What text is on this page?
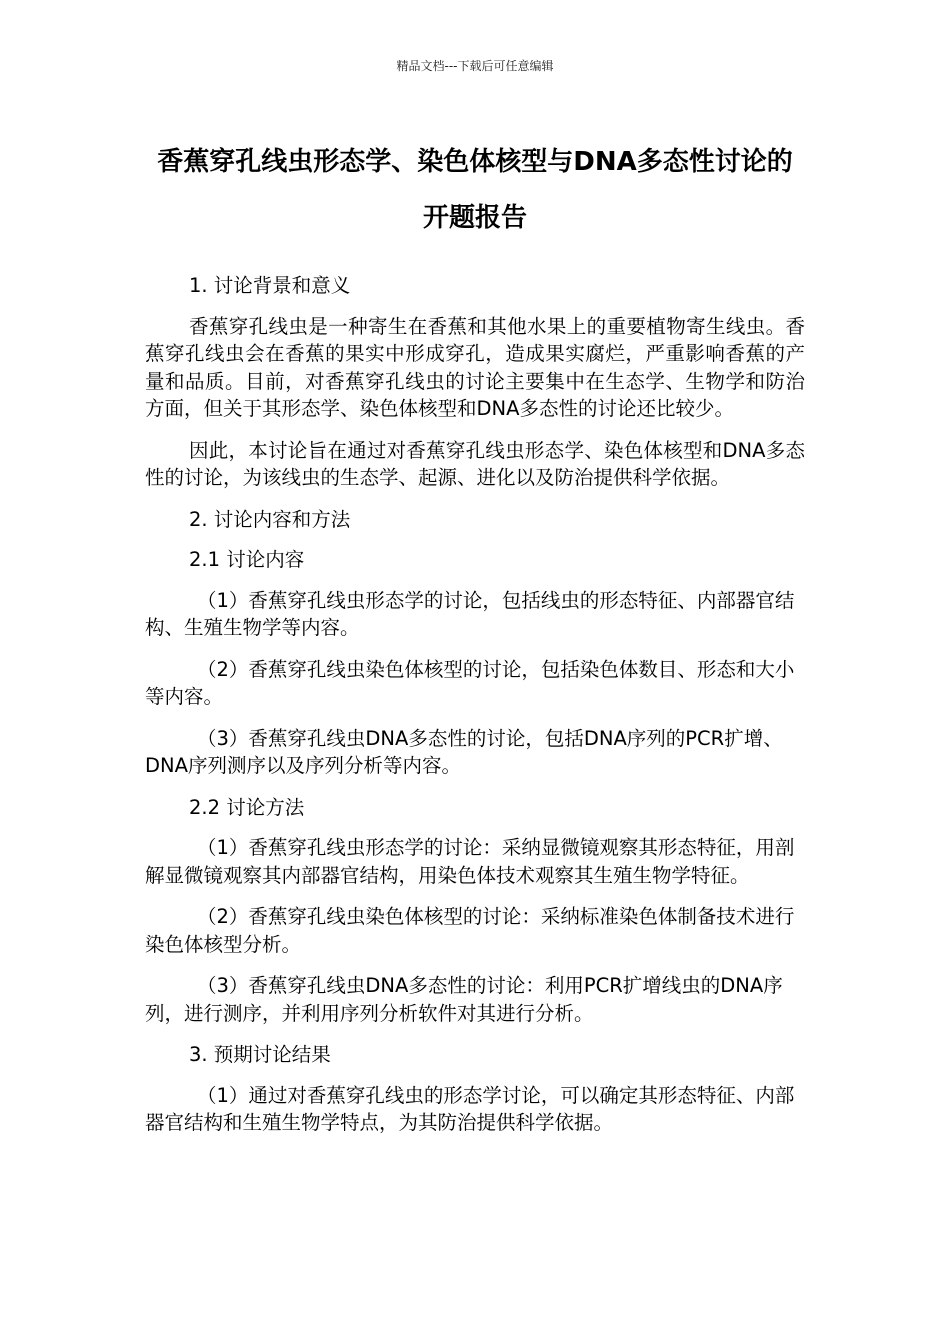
精品文档---下载后可任意编辑
香蕉穿孔线虫形态学、染色体核型与DNA多态性讨论的开题报告

1. 讨论背景和意义

香蕉穿孔线虫是一种寄生在香蕉和其他水果上的重要植物寄生线虫。香蕉穿孔线虫会在香蕉的果实中形成穿孔，造成果实腐烂，严重影响香蕉的产量和品质。目前，对香蕉穿孔线虫的讨论主要集中在生态学、生物学和防治方面，但关于其形态学、染色体核型和DNA多态性的讨论还比较少。

因此，本讨论旨在通过对香蕉穿孔线虫形态学、染色体核型和DNA多态性的讨论，为该线虫的生态学、起源、进化以及防治提供科学依据。

2. 讨论内容和方法

2.1 讨论内容

（1）香蕉穿孔线虫形态学的讨论，包括线虫的形态特征、内部器官结构、生殖生物学等内容。

（2）香蕉穿孔线虫染色体核型的讨论，包括染色体数目、形态和大小等内容。

（3）香蕉穿孔线虫DNA多态性的讨论，包括DNA序列的PCR扩增、DNA序列测序以及序列分析等内容。

2.2 讨论方法

（1）香蕉穿孔线虫形态学的讨论：采纳显微镜观察其形态特征，用剖解显微镜观察其内部器官结构，用染色体技术观察其生殖生物学特征。

（2）香蕉穿孔线虫染色体核型的讨论：采纳标准染色体制备技术进行染色体核型分析。

（3）香蕉穿孔线虫DNA多态性的讨论：利用PCR扩增线虫的DNA序列，进行测序，并利用序列分析软件对其进行分析。

3. 预期讨论结果

（1）通过对香蕉穿孔线虫的形态学讨论，可以确定其形态特征、内部器官结构和生殖生物学特点，为其防治提供科学依据。
